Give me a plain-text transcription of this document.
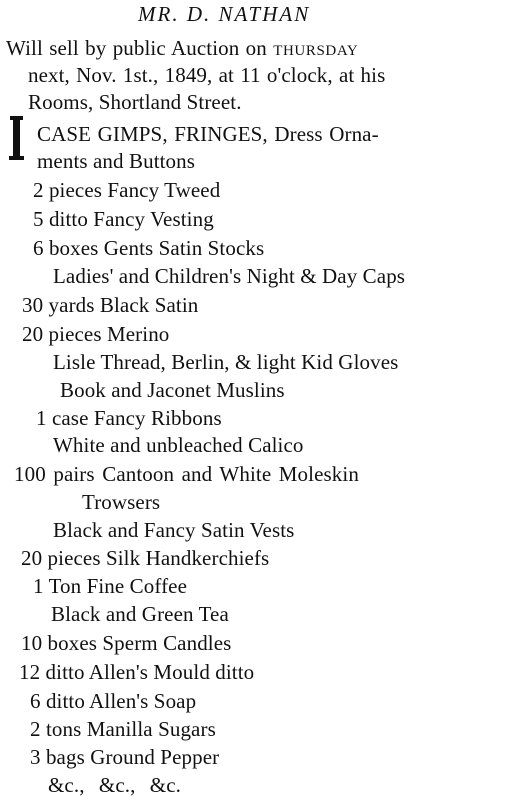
MR. D. NATHAN
Will sell by public Auction on THURSDAY
next, Nov. 1st., 1849, at 11 o'clock, at his
Rooms, Shortland Street.
CASE GIMPS, FRINGES, Dress Orna-
ments and Buttons
2 pieces Fancy Tweed
5 ditto Fancy Vesting
6 boxes Gents Satin Stocks
Ladies' and Children's Night & Day Caps
30 yards Black Satin
20 pieces Merino
Lisle Thread, Berlin, & light Kid Gloves
Book and Jaconet Muslins
1 case Fancy Ribbons
White and unbleached Calico
100 pairs Cantoon and White Moleskin
Trowsers
Black and Fancy Satin Vests
20 pieces Silk Handkerchiefs
1 Ton Fine Coffee
Black and Green Tea
10 boxes Sperm Candles
12 ditto Allen's Mould ditto
6 ditto Allen's Soap
2 tons Manilla Sugars
3 bags Ground Pepper
&c., &c., &c.
